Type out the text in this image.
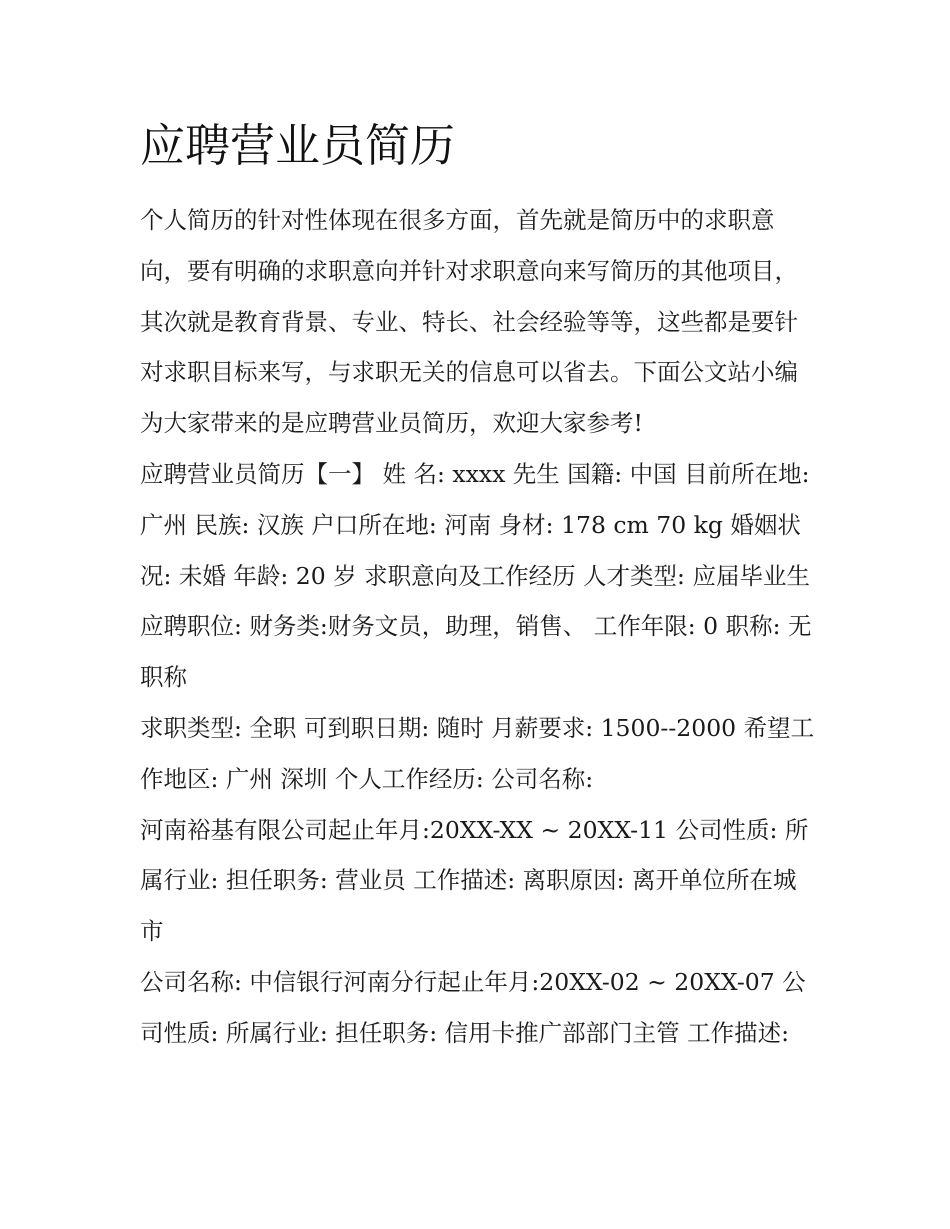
应聘营业员简历

个人简历的针对性体现在很多方面，首先就是简历中的求职意向，要有明确的求职意向并针对求职意向来写简历的其他项目，

其次就是教育背景、专业、特长、社会经验等等，这些都是要针对求职目标来写，与求职无关的信息可以省去。下面公文站小编为大家带来的是应聘营业员简历，欢迎大家参考!

应聘营业员简历【一】 姓 名: xxxx 先生 国籍: 中国 目前所在地: 广州 民族: 汉族 户口所在地: 河南 身材: 178 cm 70 kg 婚姻状况: 未婚 年龄: 20 岁 求职意向及工作经历 人才类型: 应届毕业生 应聘职位: 财务类:财务文员，助理，销售、 工作年限: 0 职称: 无职称

求职类型: 全职 可到职日期: 随时 月薪要求: 1500--2000 希望工作地区: 广州 深圳 个人工作经历: 公司名称:

河南裕基有限公司起止年月:20XX-XX ~ 20XX-11 公司性质: 所属行业: 担任职务: 营业员 工作描述: 离职原因: 离开单位所在城市

公司名称: 中信银行河南分行起止年月:20XX-02 ~ 20XX-07 公司性质: 所属行业: 担任职务: 信用卡推广部部门主管 工作描述:
